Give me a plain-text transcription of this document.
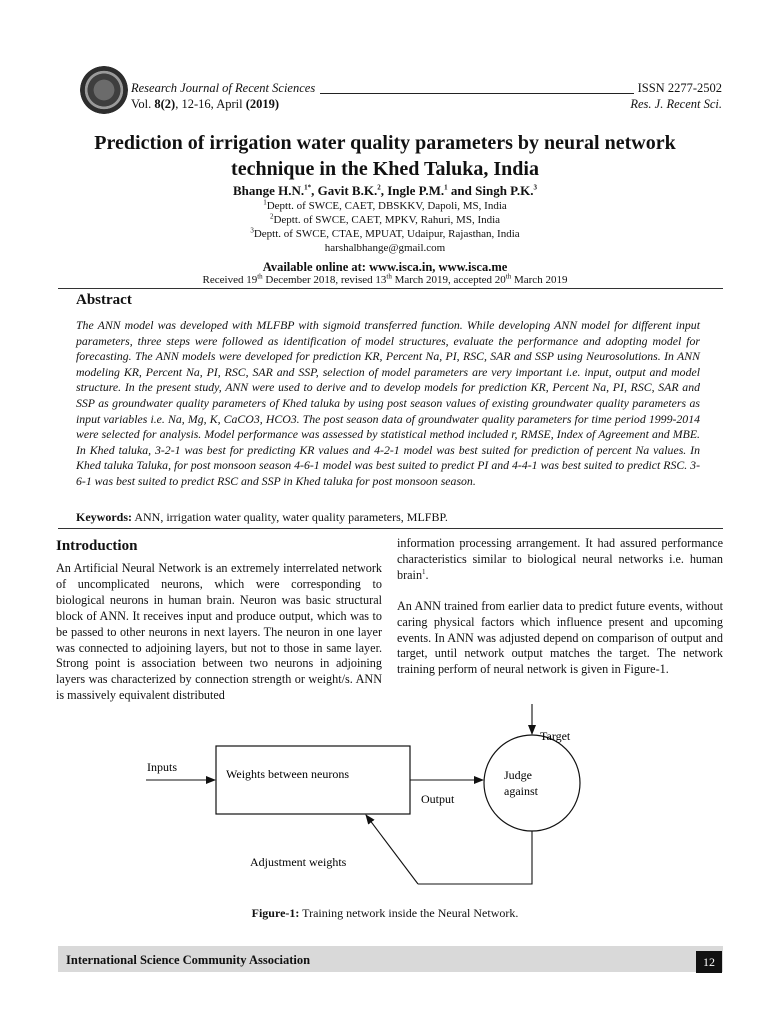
Research Journal of Recent Sciences
Vol. 8(2), 12-16, April (2019)
ISSN 2277-2502
Res. J. Recent Sci.
Prediction of irrigation water quality parameters by neural network
technique in the Khed Taluka, India
Bhange H.N.$^{1*}$, Gavit B.K.$^2$, Ingle P.M.$^1$ and Singh P.K.$^3$
$^1$Deptt. of SWCE, CAET, DBSKKV, Dapoli, MS, India
$^2$Deptt. of SWCE, CAET, MPKV, Rahuri, MS, India
$^3$Deptt. of SWCE, CTAE, MPUAT, Udaipur, Rajasthan, India
harshalbhange@gmail.com
Available online at: www.isca.in, www.isca.me
Received 19th December 2018, revised 13th March 2019, accepted 20th March 2019
Abstract
The ANN model was developed with MLFBP with sigmoid transferred function. While developing ANN model for different input parameters, three steps were followed as identification of model structures, evaluate the performance and adopting model for forecasting. The ANN models were developed for prediction KR, Percent Na, PI, RSC, SAR and SSP using Neurosolutions. In ANN modeling KR, Percent Na, PI, RSC, SAR and SSP, selection of model parameters are very important i.e. input, output and model structure. In the present study, ANN were used to derive and to develop models for prediction KR, Percent Na, PI, RSC, SAR and SSP as groundwater quality parameters of Khed taluka by using post season values of existing groundwater quality parameters as input variables i.e. Na, Mg, K, CaCO3, HCO3. The post season data of groundwater quality parameters for time period 1999-2014 were selected for analysis. Model performance was assessed by statistical method included r, RMSE, Index of Agreement and MBE. In Khed taluka, 3-2-1 was best for predicting KR values and 4-2-1 model was best suited for prediction of percent Na values. In Khed taluka Taluka, for post monsoon season 4-6-1 model was best suited to predict PI and 4-4-1 was best suited to predict RSC. 3-6-1 was best suited to predict RSC and SSP in Khed taluka for post monsoon season.
Keywords: ANN, irrigation water quality, water quality parameters, MLFBP.
Introduction
An Artificial Neural Network is an extremely interrelated network of uncomplicated neurons, which were corresponding to biological neurons in human brain. Neuron was basic structural block of ANN. It receives input and produce output, which was to be passed to other neurons in next layers. The neuron in one layer was connected to adjoining layers, but not to those in same layer. Strong point is association between two neurons in adjoining layers was characterized by connection strength or weight/s. ANN is massively equivalent distributed

information processing arrangement. It had assured performance characteristics similar to biological neural networks i.e. human brain$^1$.

An ANN trained from earlier data to predict future events, without caring physical factors which influence present and upcoming events. In ANN was adjusted depend on comparison of output and target, until network output matches the target. The network training perform of neural network is given in Figure-1.

Inputs	Weights between neurons
Output
Judge
against
Target
Adjustment weights
Figure-1: Training network inside the Neural Network.
International Science Community Association	12
